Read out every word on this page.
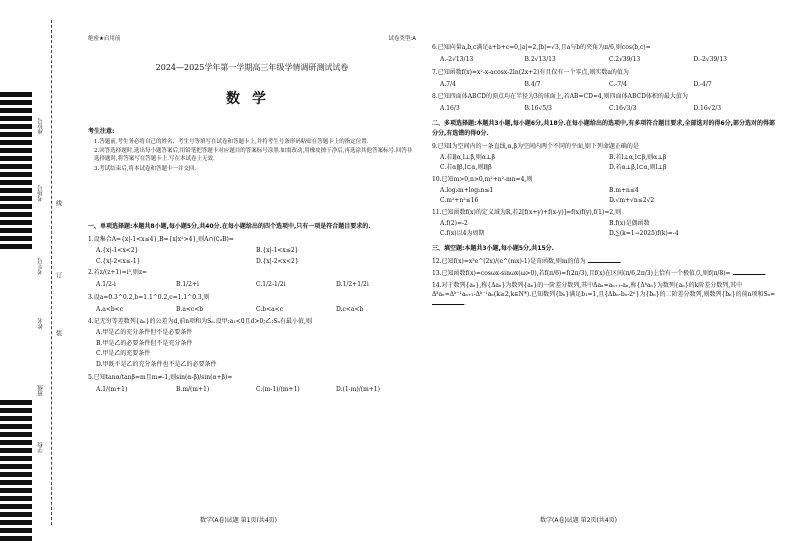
座位号
考场号
考生号
姓名
班级
学校
线
订
装
绝密★启用前	试卷类型:A
2024—2025学年第一学期高三年级学情调研测试试卷
数学
考生注意:
1.答题前,考生务必将自己的姓名、考生号等填写在试卷和答题卡上,并将考生号条形码粘贴在答题卡上的指定位置.
2.回答选择题时,选出每小题答案后,用铅笔把答题卡对应题目的答案标号涂黑.如需改动,用橡皮擦干净后,再选涂其他答案标号.回答非选择题时,将答案写在答题卡上.写在本试卷上无效.
3.考试结束后,将本试卷和答题卡一并交回.
一、单项选择题:本题共8小题,每小题5分,共40分.在每小题给出的四个选项中,只有一项是符合题目要求的.
1.设集合A={x|-1<x≤4},B={x|x²>4},则A∩(∁ᵤB)=
A.{x|-1<x<2}	B.{x|-1<x≤2}
C.{x|-2<x≤-1}	D.{x|-2<x<2}
2.若z/(z+1)=i³,则z=
A.1/2-i	B.1/2+i	C.1/2-1/2i	D.1/2+1/2i
3.设a=0.3^0.2,b=1.1^0.2,c=1.1^0.3,则
A.a<b<c	B.a<c<b	C.b<a<c	D.c<a<b
4.记无穷等差数列{aₙ}的公差为d,前n项和为Sₙ.设甲:a₁<0且d>0;乙:Sₙ有最小值,则
A.甲是乙的充分条件但不是必要条件
B.甲是乙的必要条件但不是充分条件
C.甲是乙的充要条件
D.甲既不是乙的充分条件也不是乙的必要条件
5.已知tanα/tanβ=m且m≠-1,则sin(α-β)/sin(α+β)=
A.1/(m+1)	B.m/(m+1)	C.(m-1)/(m+1)	D.(1-m)/(m+1)
数学(A卷)试题 第1页(共4页)
6.已知向量a,b,c满足a+b+c=0,|a|=2,|b|=√3,且a与b的夹角为π/6,则cos⟨b,c⟩=
A.-2√13/13	B.2√13/13	C.2√39/13	D.-2√39/13
7.已知函数f(x)=x²-x-acosx-2ln(2x+2)有且仅有一个零点,则实数a的值为
A.7/4	B.4/7	C.-7/4	D.-4/7
8.已知四面体ABCD的顶点均在半径为3的球面上,若AB=CD=4,则四面体ABCD体积的最大值为
A.16/3	B.16√5/3	C.16√3/3	D.16√2/3
二、多项选择题:本题共3小题,每小题6分,共18分.在每小题给出的选项中,有多项符合题目要求,全部选对的得6分,部分选对的得部分分,有选错的得0分.
9.已知l为空间内的一条直线,α,β为空间内两个不同的平面,则下列命题正确的是
A.若l∥α,l⊥β,则α⊥β	B.若l⊥α,l⊂β,则α⊥β
C.若α∥β,l⊂α,则l∥β	D.若α⊥β,l⊂α,则l⊥β
10.已知m>0,n>0,m²+n²-mn=4,则
A.log₂m+log₂n≤1	B.m+n≤4
C.m²+n²≤16	D.√m+√n≤2√2
11.已知函数f(x)的定义域为R,若2[f(x+y)+f(x-y)]=f(x)f(y),f(1)=2,则
A.f(2)=-2	B.f(x)是偶函数
C.f(x)以4为周期	D.∑(k=1→2025)f(k)=-4
三、填空题:本题共3小题,每小题5分,共15分.
12.已知f(x)=x³e^(2x)/(e^(mx)-1)是奇函数,则m的值为	.
13.已知函数f(x)=cosωx-sinωx(ω>0),若f(π/6)=f(2π/3),且f(x)在区间(π/6,2π/3)上恰有一个极值点,则f(π/8)=	.
14.对于数列{aₙ},称{Δaₙ}为数列{aₙ}的一阶差分数列,其中Δaₙ=aₙ₊₁-aₙ,称{Δᵏaₙ}为数列{aₙ}的k阶差分数列,其中Δᵏaₙ=Δᵏ⁻¹aₙ₊₁-Δᵏ⁻¹aₙ(k≥2,k∈N*).已知数列{bₙ}满足b₁=1,且{Δbₙ-bₙ-2ⁿ}为{bₙ}的二阶差分数列,则数列{bₙ}的前n项和Sₙ= .
数学(A卷)试题 第2页(共4页)
